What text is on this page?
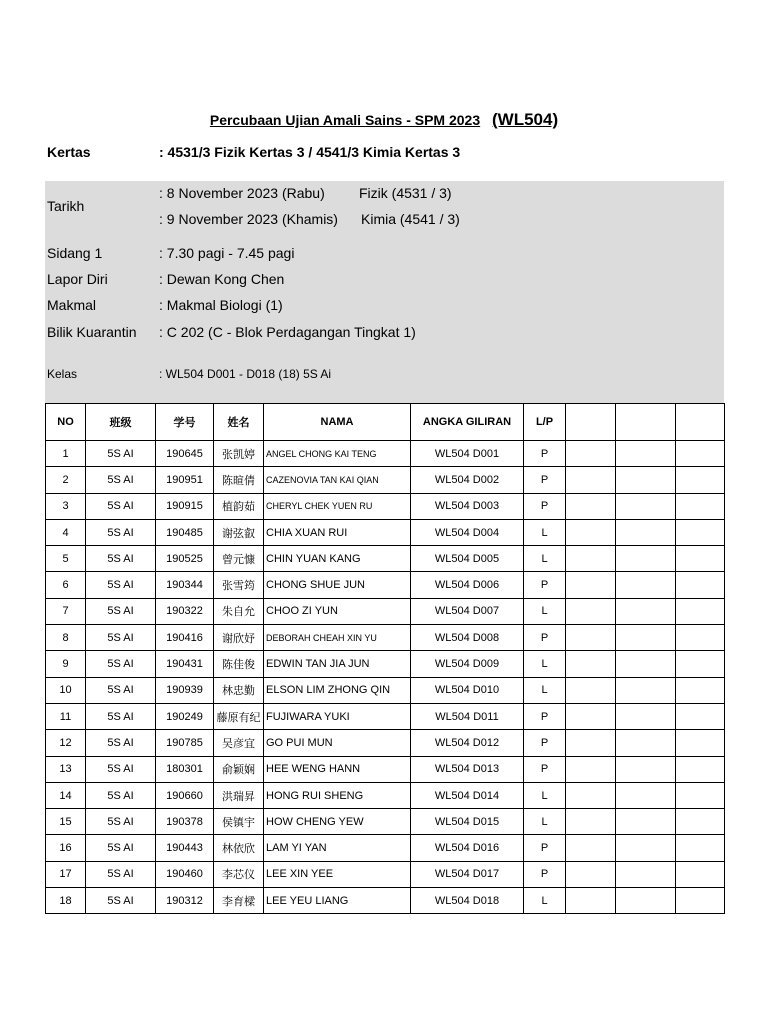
Percubaan Ujian Amali Sains - SPM 2023 (WL504)
Kertas	: 4531/3 Fizik Kertas 3 / 4541/3 Kimia Kertas 3
Tarikh
: 8 November 2023 (Rabu) Fizik (4531 / 3)
: 9 November 2023 (Khamis) Kimia (4541 / 3)
Sidang 1	: 7.30 pagi - 7.45 pagi
Lapor Diri	: Dewan Kong Chen
Makmal	: Makmal Biologi (1)
Bilik Kuarantin : C 202 (C - Blok Perdagangan Tingkat 1)
Kelas	: WL504 D001 - D018 (18) 5S Ai
NO	班级	学号	姓名	NAMA	ANGKA GILIRAN	L/P			
1	5S AI	190645	张凯婷	ANGEL CHONG KAI TENG	WL504 D001	P			
2	5S AI	190951	陈暄倩	CAZENOVIA TAN KAI QIAN	WL504 D002	P			
3	5S AI	190915	植韵茹	CHERYL CHEK YUEN RU	WL504 D003	P			
4	5S AI	190485	谢弦叡	CHIA XUAN RUI	WL504 D004	L			
5	5S AI	190525	曾元慷	CHIN YUAN KANG	WL504 D005	L			
6	5S AI	190344	张雪筠	CHONG SHUE JUN	WL504 D006	P			
7	5S AI	190322	朱自允	CHOO ZI YUN	WL504 D007	L			
8	5S AI	190416	谢欣妤	DEBORAH CHEAH XIN YU	WL504 D008	P			
9	5S AI	190431	陈佳俊	EDWIN TAN JIA JUN	WL504 D009	L			
10	5S AI	190939	林忠勤	ELSON LIM ZHONG QIN	WL504 D010	L			
11	5S AI	190249	藤原有纪	FUJIWARA YUKI	WL504 D011	P			
12	5S AI	190785	吴彦宜	GO PUI MUN	WL504 D012	P			
13	5S AI	180301	俞颖娴	HEE WENG HANN	WL504 D013	P			
14	5S AI	190660	洪瑞昇	HONG RUI SHENG	WL504 D014	L			
15	5S AI	190378	侯镇宇	HOW CHENG YEW	WL504 D015	L			
16	5S AI	190443	林依欣	LAM YI YAN	WL504 D016	P			
17	5S AI	190460	李芯仪	LEE XIN YEE	WL504 D017	P			
18	5S AI	190312	李育樑	LEE YEU LIANG	WL504 D018	L			
